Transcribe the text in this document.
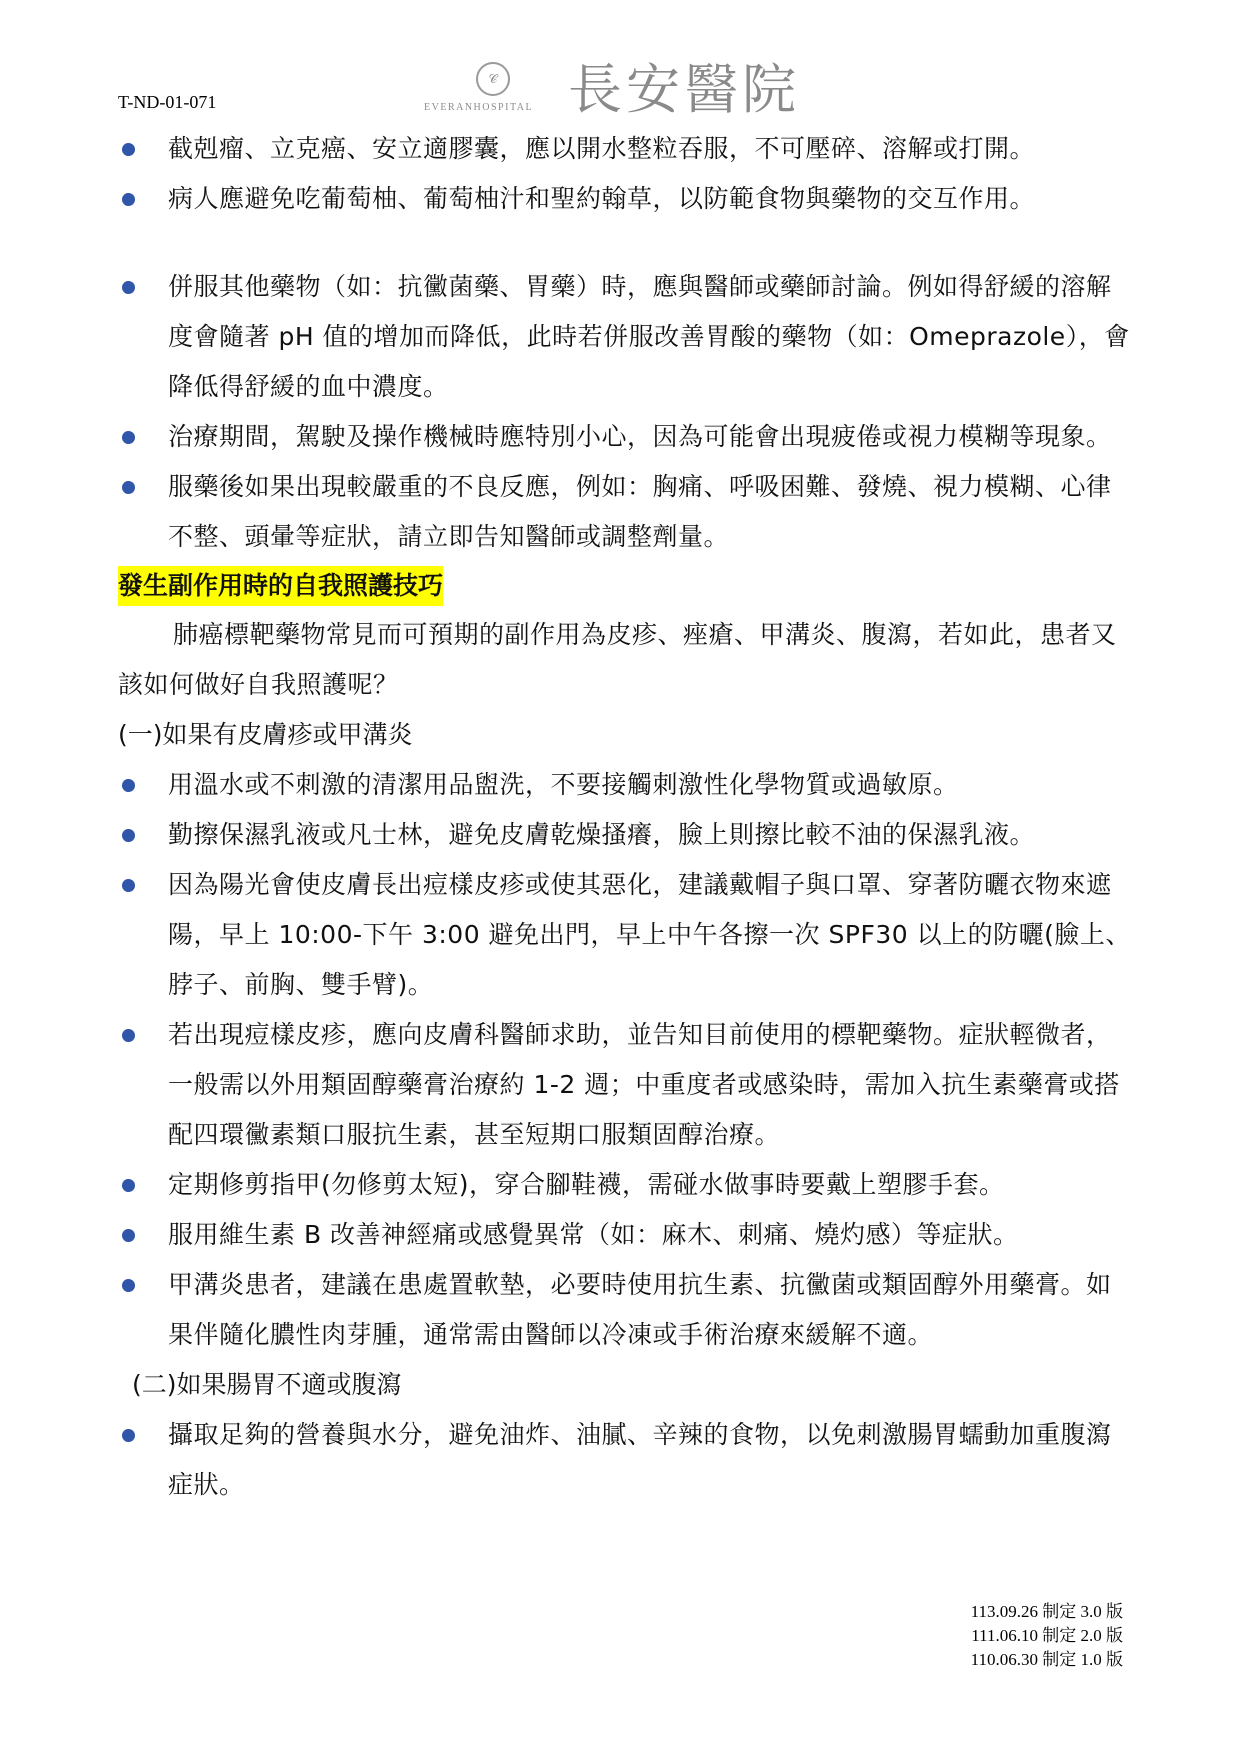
T-ND-01-071
𝒞
EVERANHOSPITAL 長安醫院
截剋瘤、立克癌、安立適膠囊，應以開水整粒吞服，不可壓碎、溶解或打開。
病人應避免吃葡萄柚、葡萄柚汁和聖約翰草，以防範食物與藥物的交互作用。
併服其他藥物（如：抗黴菌藥、胃藥）時，應與醫師或藥師討論。例如得舒緩的溶解度會隨著 pH 值的增加而降低，此時若併服改善胃酸的藥物（如：Omeprazole），會降低得舒緩的血中濃度。
治療期間，駕駛及操作機械時應特別小心，因為可能會出現疲倦或視力模糊等現象。
服藥後如果出現較嚴重的不良反應，例如：胸痛、呼吸困難、發燒、視力模糊、心律不整、頭暈等症狀，請立即告知醫師或調整劑量。
發生副作用時的自我照護技巧
肺癌標靶藥物常見而可預期的副作用為皮疹、痤瘡、甲溝炎、腹瀉，若如此，患者又該如何做好自我照護呢？
(一)如果有皮膚疹或甲溝炎
用溫水或不刺激的清潔用品盥洗，不要接觸刺激性化學物質或過敏原。
勤擦保濕乳液或凡士林，避免皮膚乾燥搔癢，臉上則擦比較不油的保濕乳液。
因為陽光會使皮膚長出痘樣皮疹或使其惡化，建議戴帽子與口罩、穿著防曬衣物來遮陽，早上 10:00-下午 3:00 避免出門，早上中午各擦一次 SPF30 以上的防曬(臉上、脖子、前胸、雙手臂)。
若出現痘樣皮疹，應向皮膚科醫師求助，並告知目前使用的標靶藥物。症狀輕微者，一般需以外用類固醇藥膏治療約 1-2 週；中重度者或感染時，需加入抗生素藥膏或搭配四環黴素類口服抗生素，甚至短期口服類固醇治療。
定期修剪指甲(勿修剪太短)，穿合腳鞋襪，需碰水做事時要戴上塑膠手套。
服用維生素 B 改善神經痛或感覺異常（如：麻木、刺痛、燒灼感）等症狀。
甲溝炎患者，建議在患處置軟墊，必要時使用抗生素、抗黴菌或類固醇外用藥膏。如果伴隨化膿性肉芽腫，通常需由醫師以冷凍或手術治療來緩解不適。
(二)如果腸胃不適或腹瀉
攝取足夠的營養與水分，避免油炸、油膩、辛辣的食物，以免刺激腸胃蠕動加重腹瀉症狀。
113.09.26 制定 3.0 版
111.06.10 制定 2.0 版
110.06.30 制定 1.0 版
